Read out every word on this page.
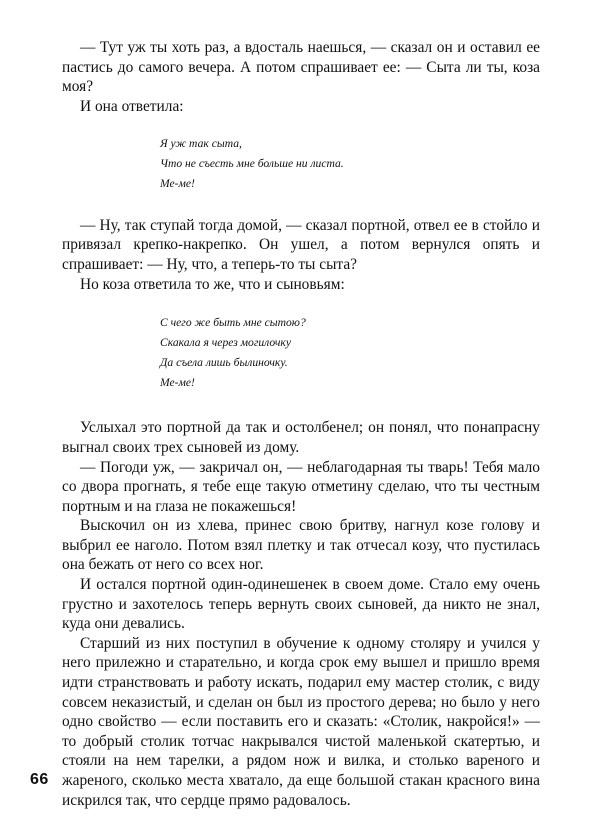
— Тут уж ты хоть раз, а вдосталь наешься, — сказал он и оставил ее пастись до самого вечера. А потом спрашивает ее: — Сыта ли ты, коза моя?

И она ответила:

Я уж так сыта,
Что не съесть мне больше ни листа.
Ме-ме!

— Ну, так ступай тогда домой, — сказал портной, отвел ее в стойло и привязал крепко-накрепко. Он ушел, а потом вернулся опять и спрашивает: — Ну, что, а теперь-то ты сыта?

Но коза ответила то же, что и сыновьям:

С чего же быть мне сытою?
Скакала я через могилочку
Да съела лишь былиночку.
Ме-ме!

Услыхал это портной да так и остолбенел; он понял, что понапрасну выгнал своих трех сыновей из дому.

— Погоди уж, — закричал он, — неблагодарная ты тварь! Тебя мало со двора прогнать, я тебе еще такую отметину сделаю, что ты честным портным и на глаза не покажешься!

Выскочил он из хлева, принес свою бритву, нагнул козе голову и выбрил ее наголо. Потом взял плетку и так отчесал козу, что пустилась она бежать от него со всех ног.

И остался портной один-одинешенек в своем доме. Стало ему очень грустно и захотелось теперь вернуть своих сыновей, да никто не знал, куда они девались.

Старший из них поступил в обучение к одному столяру и учился у него прилежно и старательно, и когда срок ему вышел и пришло время идти странствовать и работу искать, подарил ему мастер столик, с виду совсем неказистый, и сделан он был из простого дерева; но было у него одно свойство — если поставить его и сказать: «Столик, накройся!» — то добрый столик тотчас накрывался чистой маленькой скатертью, и стояли на нем тарелки, а рядом нож и вилка, и столько вареного и жареного, сколько места хватало, да еще большой стакан красного вина искрился так, что сердце прямо радовалось.

66
